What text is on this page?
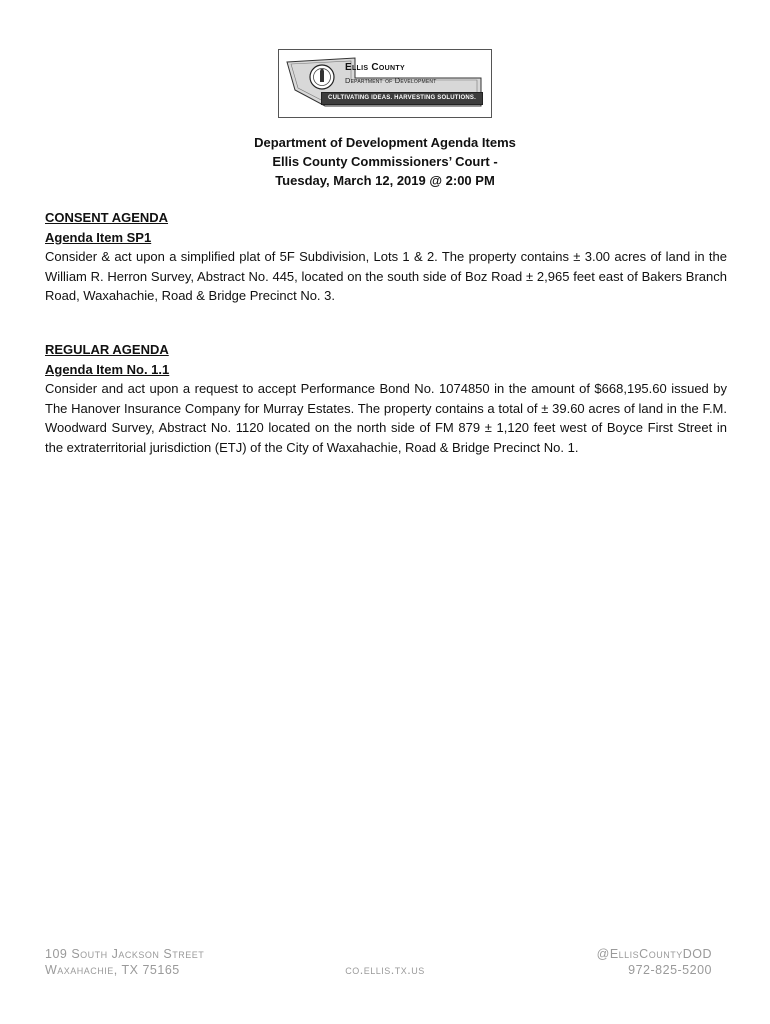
Ellis County
Department of Development
CULTIVATING IDEAS. HARVESTING SOLUTIONS.
Department of Development Agenda Items
Ellis County Commissioners’ Court -
Tuesday, March 12, 2019 @ 2:00 PM
CONSENT AGENDA
Agenda Item SP1
Consider & act upon a simplified plat of 5F Subdivision, Lots 1 & 2. The property contains ± 3.00 acres of land in the William R. Herron Survey, Abstract No. 445, located on the south side of Boz Road ± 2,965 feet east of Bakers Branch Road, Waxahachie, Road & Bridge Precinct No. 3.
REGULAR AGENDA
Agenda Item No. 1.1
Consider and act upon a request to accept Performance Bond No. 1074850 in the amount of $668,195.60 issued by The Hanover Insurance Company for Murray Estates. The property contains a total of ± 39.60 acres of land in the F.M. Woodward Survey, Abstract No. 1120 located on the north side of FM 879 ± 1,120 feet west of Boyce First Street in the extraterritorial jurisdiction (ETJ) of the City of Waxahachie, Road & Bridge Precinct No. 1.
109 South Jackson Street
Waxahachie, TX 75165	co.ellis.tx.us
@EllisCountyDOD
972-825-5200
